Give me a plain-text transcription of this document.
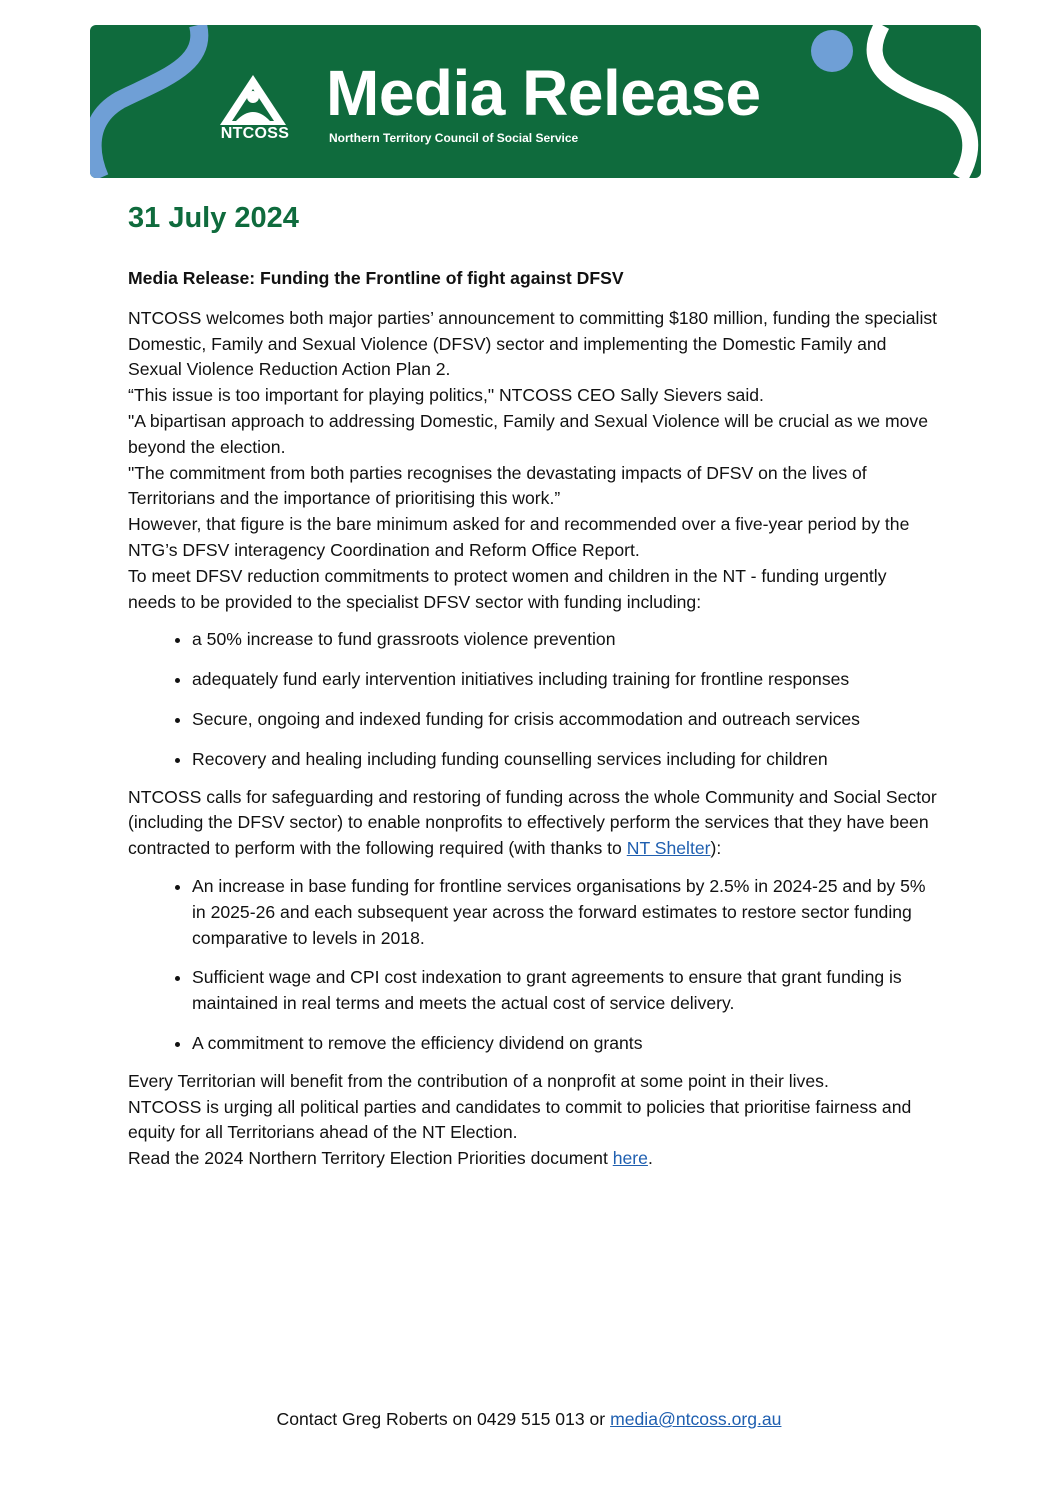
NTCOSS
Media Release
Northern Territory Council of Social Service
31 July 2024
Media Release: Funding the Frontline of fight against DFSV

NTCOSS welcomes both major parties’ announcement to committing $180 million, funding the specialist Domestic, Family and Sexual Violence (DFSV) sector and implementing the Domestic Family and Sexual Violence Reduction Action Plan 2.

“This issue is too important for playing politics," NTCOSS CEO Sally Sievers said.

"A bipartisan approach to addressing Domestic, Family and Sexual Violence will be crucial as we move beyond the election.

"The commitment from both parties recognises the devastating impacts of DFSV on the lives of Territorians and the importance of prioritising this work.”

However, that figure is the bare minimum asked for and recommended over a five-year period by the NTG’s DFSV interagency Coordination and Reform Office Report.

To meet DFSV reduction commitments to protect women and children in the NT - funding urgently needs to be provided to the specialist DFSV sector with funding including:

• a 50% increase to fund grassroots violence prevention
• adequately fund early intervention initiatives including training for frontline responses
• Secure, ongoing and indexed funding for crisis accommodation and outreach services
• Recovery and healing including funding counselling services including for children

NTCOSS calls for safeguarding and restoring of funding across the whole Community and Social Sector (including the DFSV sector) to enable nonprofits to effectively perform the services that they have been contracted to perform with the following required (with thanks to NT Shelter):

• An increase in base funding for frontline services organisations by 2.5% in 2024-25 and by 5% in 2025-26 and each subsequent year across the forward estimates to restore sector funding comparative to levels in 2018.
• Sufficient wage and CPI cost indexation to grant agreements to ensure that grant funding is maintained in real terms and meets the actual cost of service delivery.
• A commitment to remove the efficiency dividend on grants

Every Territorian will benefit from the contribution of a nonprofit at some point in their lives.

NTCOSS is urging all political parties and candidates to commit to policies that prioritise fairness and equity for all Territorians ahead of the NT Election.

Read the 2024 Northern Territory Election Priorities document here.

Contact Greg Roberts on 0429 515 013 or media@ntcoss.org.au
